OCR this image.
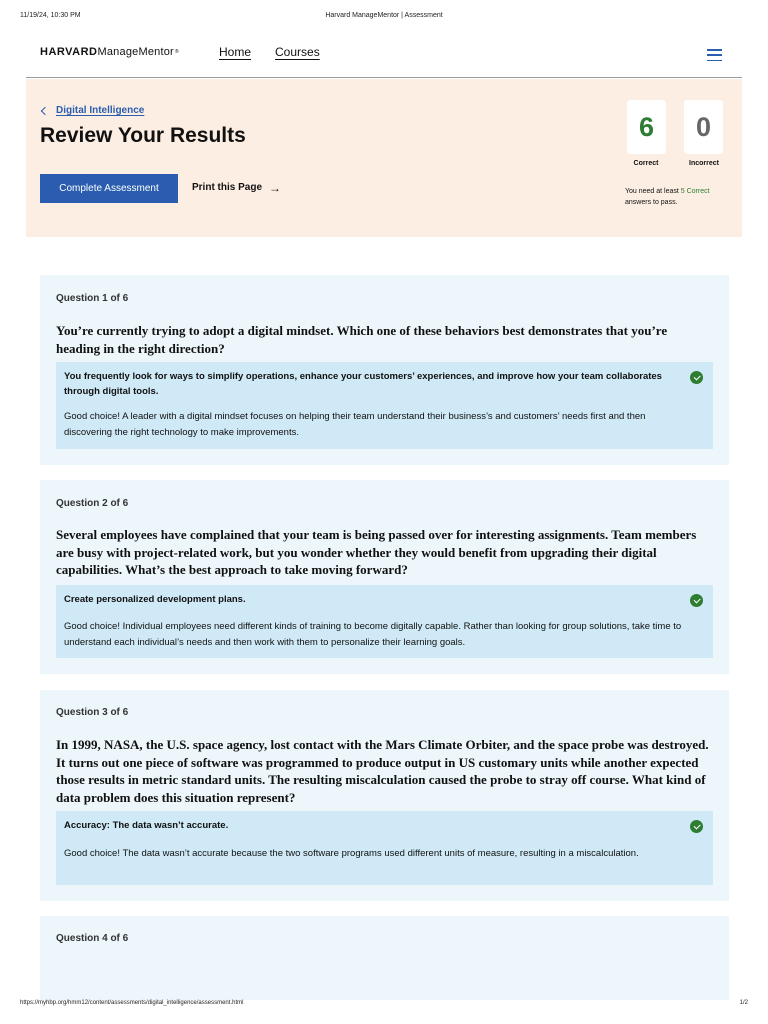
11/19/24, 10:30 PM	Harvard ManageMentor | Assessment
HARVARD ManageMentor ®	Home Courses
Digital Intelligence
Review Your Results
Complete Assessment	Print this Page →
6	0
Correct	Incorrect
You need at least 5 Correct
answers to pass.
Question 1 of 6
You’re currently trying to adopt a digital mindset. Which one of these behaviors best demonstrates that you’re heading in the right direction?
You frequently look for ways to simplify operations, enhance your customers’ experiences, and improve how your team collaborates through digital tools.
Good choice! A leader with a digital mindset focuses on helping their team understand their business’s and customers’ needs first and then discovering the right technology to make improvements.
Question 2 of 6
Several employees have complained that your team is being passed over for interesting assignments. Team members are busy with project-related work, but you wonder whether they would benefit from upgrading their digital capabilities. What’s the best approach to take moving forward?
Create personalized development plans.
Good choice! Individual employees need different kinds of training to become digitally capable. Rather than looking for group solutions, take time to understand each individual’s needs and then work with them to personalize their learning goals.
Question 3 of 6
In 1999, NASA, the U.S. space agency, lost contact with the Mars Climate Orbiter, and the space probe was destroyed. It turns out one piece of software was programmed to produce output in US customary units while another expected those results in metric standard units. The resulting miscalculation caused the probe to stray off course. What kind of data problem does this situation represent?
Accuracy: The data wasn’t accurate.
Good choice! The data wasn’t accurate because the two software programs used different units of measure, resulting in a miscalculation.
Question 4 of 6
https://myhbp.org/hmm12/content/assessments/digital_intelligence/assessment.html	1/2
